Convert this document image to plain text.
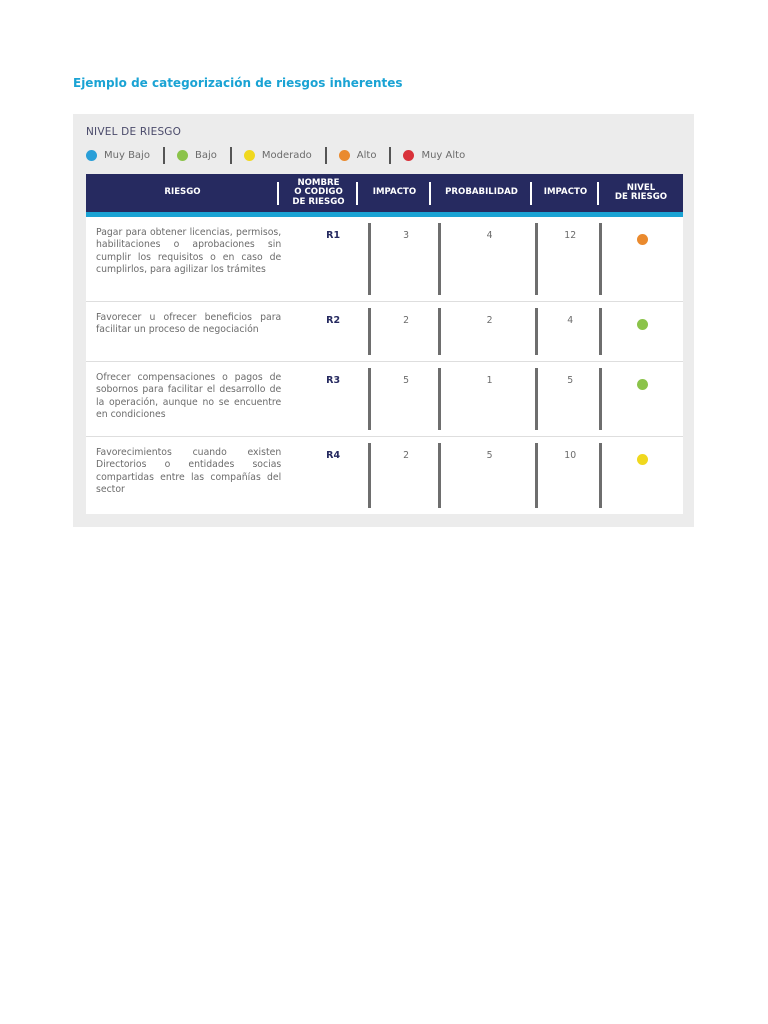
Ejemplo de categorización de riesgos inherentes
NIVEL DE RIESGO
Muy Bajo	Bajo	Moderado	Alto	Muy Alto
RIESGO
NOMBRE
O CODIGO
DE RIESGO
IMPACTO	PROBABILIDAD	IMPACTO	NIVEL
DE RIESGO
Pagar para obtener licencias, permisos, habilitaciones o aprobaciones sin cumplir los requisitos o en caso de cumplirlos, para agilizar los trámites
R1	3	4	12
Favorecer u ofrecer beneficios para facilitar un proceso de negociación
R2	2	2	4
Ofrecer compensaciones o pagos de sobornos para facilitar el desarrollo de la operación, aunque no se encuentre en condiciones
R3	5	1	5
Favorecimientos cuando existen Directorios o entidades socias compartidas entre las compañías del sector
R4	2	5	10
